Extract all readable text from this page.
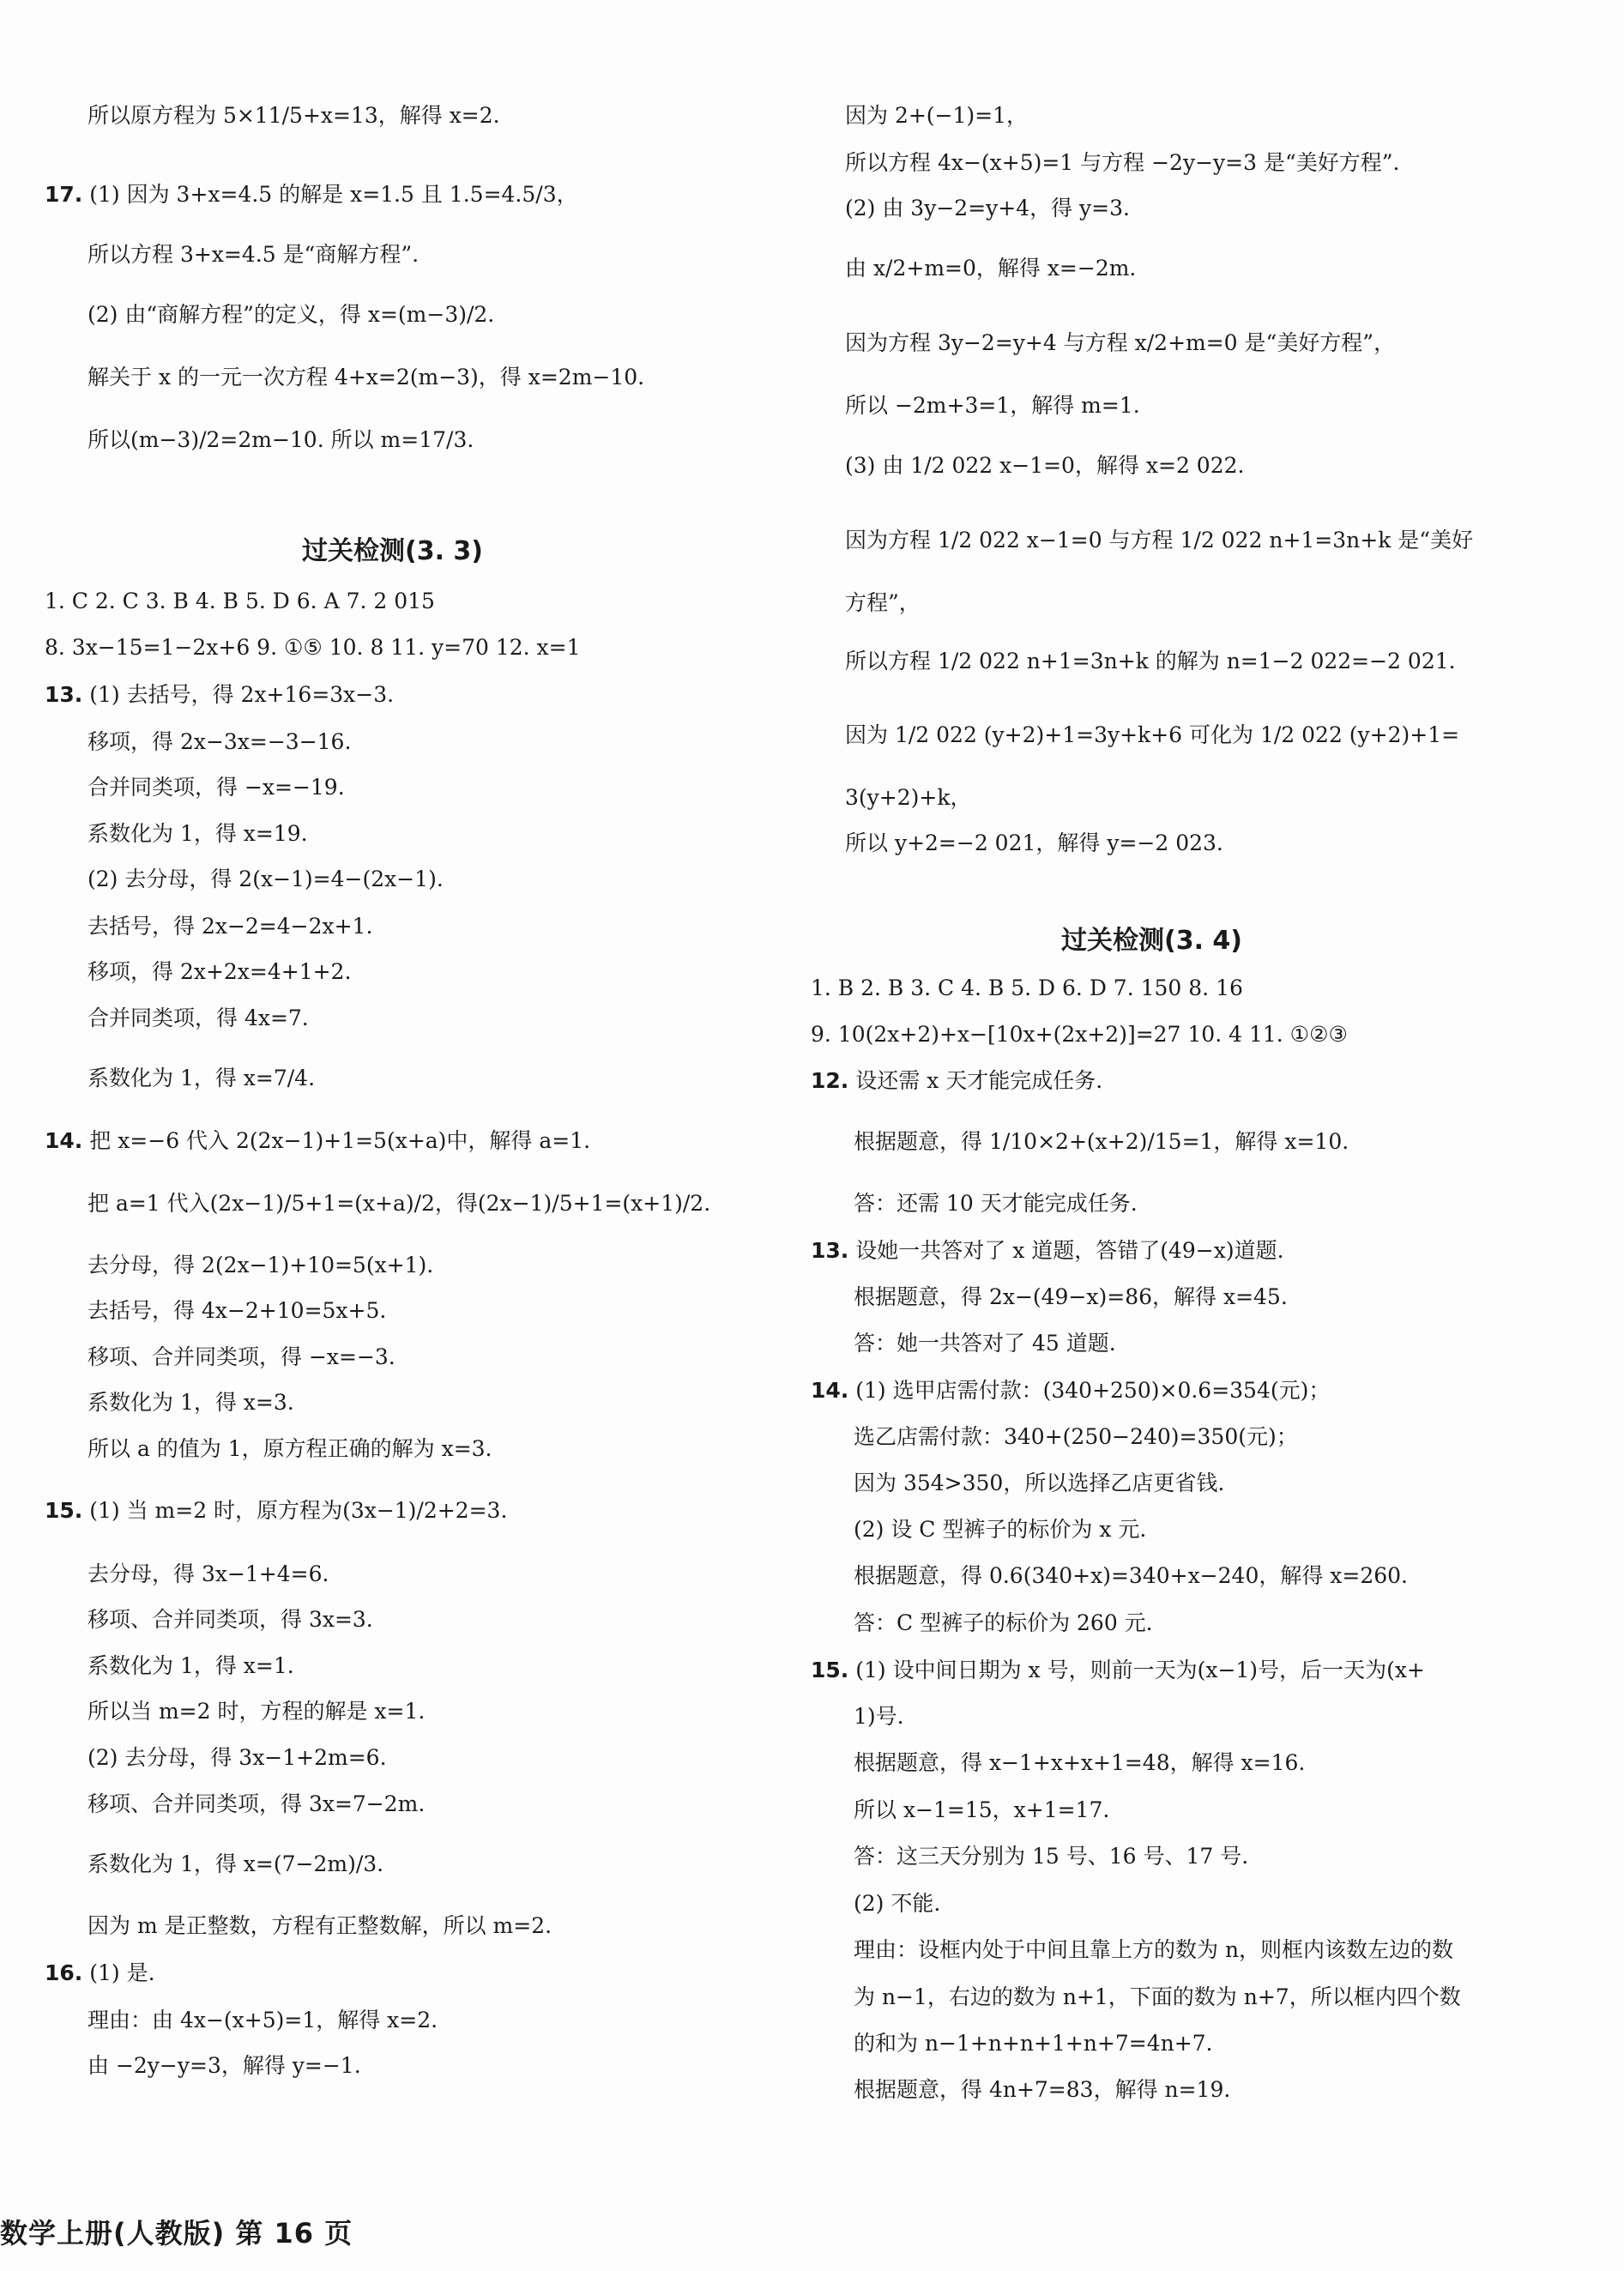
数学上册(人教版) 第 16 页
所以原方程为 5×11/5+x=13，解得 x=2.
17. (1) 因为 3+x=4.5 的解是 x=1.5 且 1.5=4.5/3，
所以方程 3+x=4.5 是“商解方程”.
(2) 由“商解方程”的定义，得 x=(m−3)/2.
解关于 x 的一元一次方程 4+x=2(m−3)，得 x=2m−10.
所以(m−3)/2=2m−10. 所以 m=17/3.
过关检测(3. 3)
1. C 2. C 3. B 4. B 5. D 6. A 7. 2 015
8. 3x−15=1−2x+6 9. ①⑤ 10. 8 11. y=70 12. x=1
13. (1) 去括号，得 2x+16=3x−3.
移项，得 2x−3x=−3−16.
合并同类项，得 −x=−19.
系数化为 1，得 x=19.
(2) 去分母，得 2(x−1)=4−(2x−1).
去括号，得 2x−2=4−2x+1.
移项，得 2x+2x=4+1+2.
合并同类项，得 4x=7.
系数化为 1，得 x=7/4.
14. 把 x=−6 代入 2(2x−1)+1=5(x+a)中，解得 a=1.
把 a=1 代入(2x−1)/5+1=(x+a)/2，得(2x−1)/5+1=(x+1)/2.
去分母，得 2(2x−1)+10=5(x+1).
去括号，得 4x−2+10=5x+5.
移项、合并同类项，得 −x=−3.
系数化为 1，得 x=3.
所以 a 的值为 1，原方程正确的解为 x=3.
15. (1) 当 m=2 时，原方程为(3x−1)/2+2=3.
去分母，得 3x−1+4=6.
移项、合并同类项，得 3x=3.
系数化为 1，得 x=1.
所以当 m=2 时，方程的解是 x=1.
(2) 去分母，得 3x−1+2m=6.
移项、合并同类项，得 3x=7−2m.
系数化为 1，得 x=(7−2m)/3.
因为 m 是正整数，方程有正整数解，所以 m=2.
16. (1) 是.
理由：由 4x−(x+5)=1，解得 x=2.
由 −2y−y=3，解得 y=−1.
因为 2+(−1)=1，
所以方程 4x−(x+5)=1 与方程 −2y−y=3 是“美好方程”.
(2) 由 3y−2=y+4，得 y=3.
由 x/2+m=0，解得 x=−2m.
因为方程 3y−2=y+4 与方程 x/2+m=0 是“美好方程”，
所以 −2m+3=1，解得 m=1.
(3) 由 1/2 022 x−1=0，解得 x=2 022.
因为方程 1/2 022 x−1=0 与方程 1/2 022 n+1=3n+k 是“美好
方程”，
所以方程 1/2 022 n+1=3n+k 的解为 n=1−2 022=−2 021.
因为 1/2 022 (y+2)+1=3y+k+6 可化为 1/2 022 (y+2)+1=
3(y+2)+k，
所以 y+2=−2 021，解得 y=−2 023.
过关检测(3. 4)
1. B 2. B 3. C 4. B 5. D 6. D 7. 150 8. 16
9. 10(2x+2)+x−[10x+(2x+2)]=27 10. 4 11. ①②③
12. 设还需 x 天才能完成任务.
根据题意，得 1/10×2+(x+2)/15=1，解得 x=10.
答：还需 10 天才能完成任务.
13. 设她一共答对了 x 道题，答错了(49−x)道题.
根据题意，得 2x−(49−x)=86，解得 x=45.
答：她一共答对了 45 道题.
14. (1) 选甲店需付款：(340+250)×0.6=354(元)；
选乙店需付款：340+(250−240)=350(元)；
因为 354>350，所以选择乙店更省钱.
(2) 设 C 型裤子的标价为 x 元.
根据题意，得 0.6(340+x)=340+x−240，解得 x=260.
答：C 型裤子的标价为 260 元.
15. (1) 设中间日期为 x 号，则前一天为(x−1)号，后一天为(x+
1)号.
根据题意，得 x−1+x+x+1=48，解得 x=16.
所以 x−1=15，x+1=17.
答：这三天分别为 15 号、16 号、17 号.
(2) 不能.
理由：设框内处于中间且靠上方的数为 n，则框内该数左边的数
为 n−1，右边的数为 n+1，下面的数为 n+7，所以框内四个数
的和为 n−1+n+n+1+n+7=4n+7.
根据题意，得 4n+7=83，解得 n=19.
